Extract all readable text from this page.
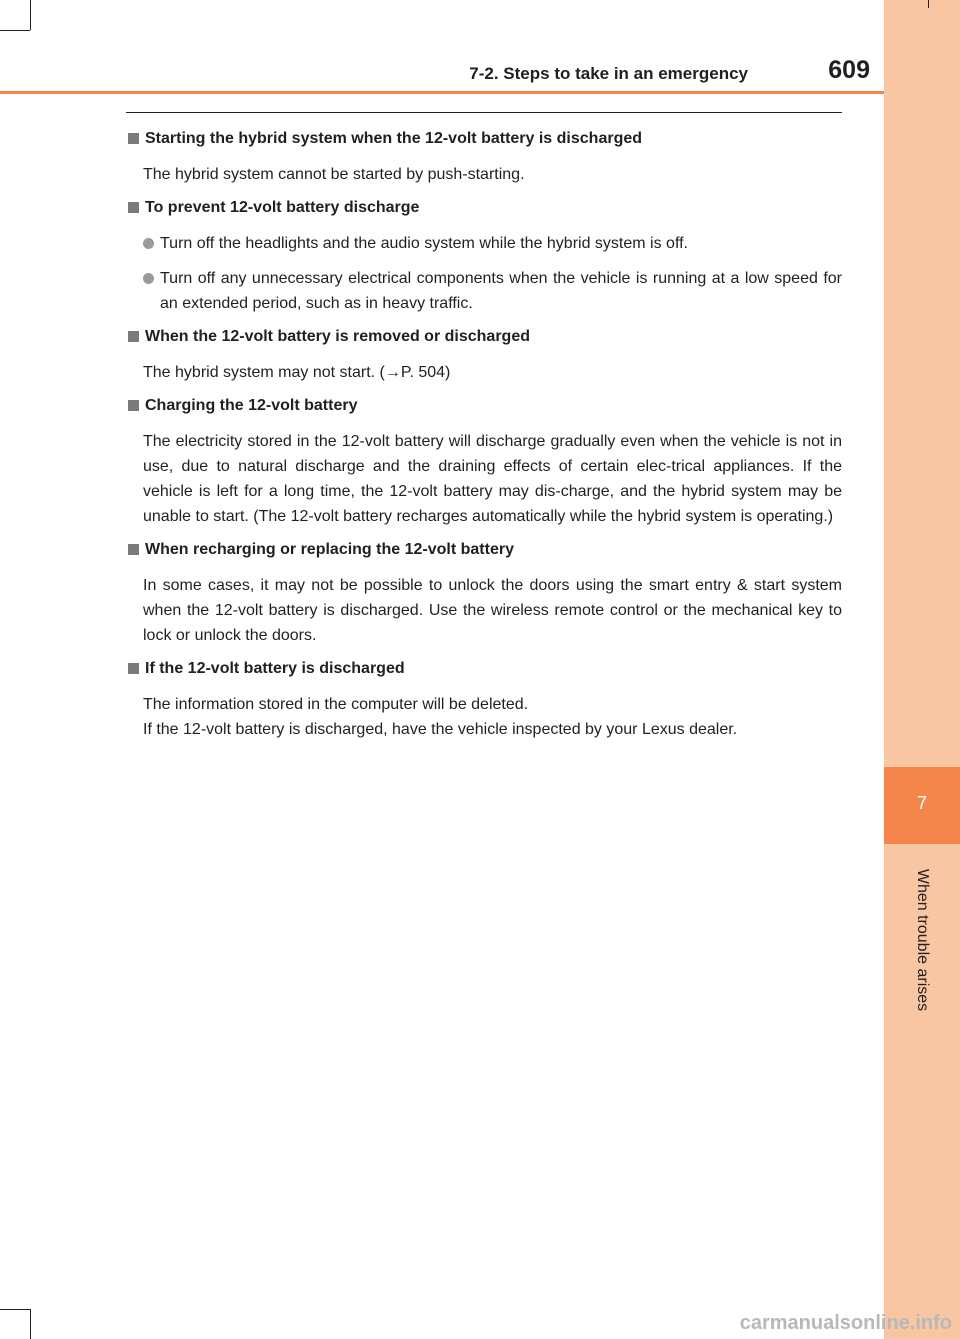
7
When trouble arises
7-2. Steps to take in an emergency	609
Starting the hybrid system when the 12-volt battery is discharged
The hybrid system cannot be started by push-starting.
To prevent 12-volt battery discharge
Turn off the headlights and the audio system while the hybrid system is off.
Turn off any unnecessary electrical components when the vehicle is running at a low speed for an extended period, such as in heavy traffic.
When the 12-volt battery is removed or discharged
The hybrid system may not start. (→P. 504)
Charging the 12-volt battery
The electricity stored in the 12-volt battery will discharge gradually even when the vehicle is not in use, due to natural discharge and the draining effects of certain elec-trical appliances. If the vehicle is left for a long time, the 12-volt battery may dis-charge, and the hybrid system may be unable to start. (The 12-volt battery recharges automatically while the hybrid system is operating.)
When recharging or replacing the 12-volt battery
In some cases, it may not be possible to unlock the doors using the smart entry & start system when the 12-volt battery is discharged. Use the wireless remote control or the mechanical key to lock or unlock the doors.
If the 12-volt battery is discharged
The information stored in the computer will be deleted.
If the 12-volt battery is discharged, have the vehicle inspected by your Lexus dealer.
carmanualsonline.info
